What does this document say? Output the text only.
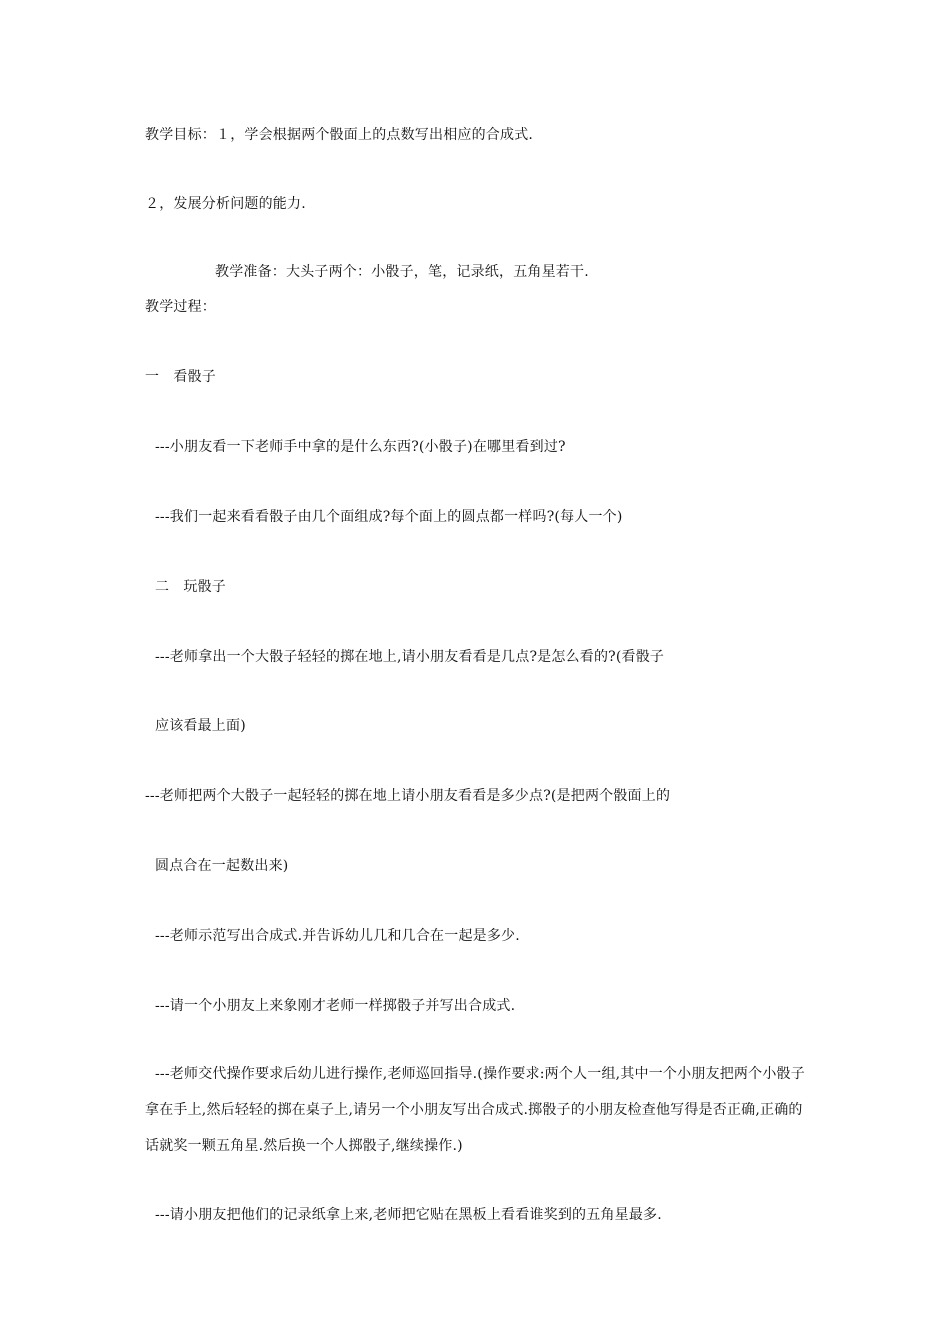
教学目标：１，学会根据两个骰面上的点数写出相应的合成式.
２，发展分析问题的能力.
教学准备：大头子两个：小骰子，笔，记录纸，五角星若干.
教学过程：
一　看骰子
---小朋友看一下老师手中拿的是什么东西?(小骰子)在哪里看到过?
---我们一起来看看骰子由几个面组成?每个面上的圆点都一样吗?(每人一个)
二　玩骰子
---老师拿出一个大骰子轻轻的掷在地上,请小朋友看看是几点?是怎么看的?(看骰子
应该看最上面)
---老师把两个大骰子一起轻轻的掷在地上请小朋友看看是多少点?(是把两个骰面上的
圆点合在一起数出来)
---老师示范写出合成式.并告诉幼儿几和几合在一起是多少.
---请一个小朋友上来象刚才老师一样掷骰子并写出合成式.
---老师交代操作要求后幼儿进行操作,老师巡回指导.(操作要求:两个人一组,其中一个小朋友把两个小骰子拿在手上,然后轻轻的掷在桌子上,请另一个小朋友写出合成式.掷骰子的小朋友检查他写得是否正确,正确的话就奖一颗五角星.然后换一个人掷骰子,继续操作.)
---请小朋友把他们的记录纸拿上来,老师把它贴在黑板上看看谁奖到的五角星最多.
